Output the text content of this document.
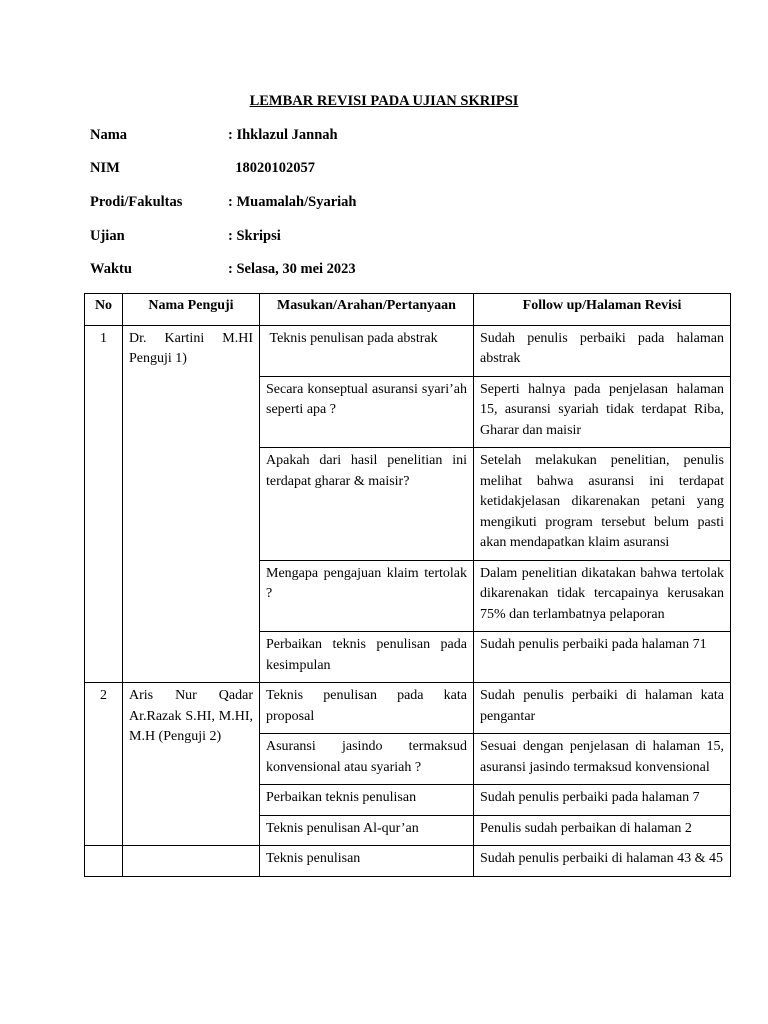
LEMBAR REVISI PADA UJIAN SKRIPSI
Nama	: Ihklazul Jannah
NIM	18020102057
Prodi/Fakultas	: Muamalah/Syariah
Ujian	: Skripsi
Waktu	: Selasa, 30 mei 2023
No	Nama Penguji	Masukan/Arahan/Pertanyaan	Follow up/Halaman Revisi
1	Dr. Kartini M.HI Penguji 1)	Teknis penulisan pada abstrak	Sudah penulis perbaiki pada halaman abstrak
		Secara konseptual asuransi syari’ah seperti apa ?	Seperti halnya pada penjelasan halaman 15, asuransi syariah tidak terdapat Riba, Gharar dan maisir
		Apakah dari hasil penelitian ini terdapat gharar & maisir?	Setelah melakukan penelitian, penulis melihat bahwa asuransi ini terdapat ketidakjelasan dikarenakan petani yang mengikuti program tersebut belum pasti akan mendapatkan klaim asuransi
		Mengapa pengajuan klaim tertolak ?	Dalam penelitian dikatakan bahwa tertolak dikarenakan tidak tercapainya kerusakan 75% dan terlambatnya pelaporan
		Perbaikan teknis penulisan pada kesimpulan	Sudah penulis perbaiki pada halaman 71
2	Aris Nur Qadar Ar.Razak S.HI, M.HI, M.H (Penguji 2)	Teknis penulisan pada kata proposal	Sudah penulis perbaiki di halaman kata pengantar
		Asuransi jasindo termaksud konvensional atau syariah ?	Sesuai dengan penjelasan di halaman 15, asuransi jasindo termaksud konvensional
		Perbaikan teknis penulisan	Sudah penulis perbaiki pada halaman 7
		Teknis penulisan Al-qur’an	Penulis sudah perbaikan di halaman 2
		Teknis penulisan	Sudah penulis perbaiki di halaman 43 & 45
